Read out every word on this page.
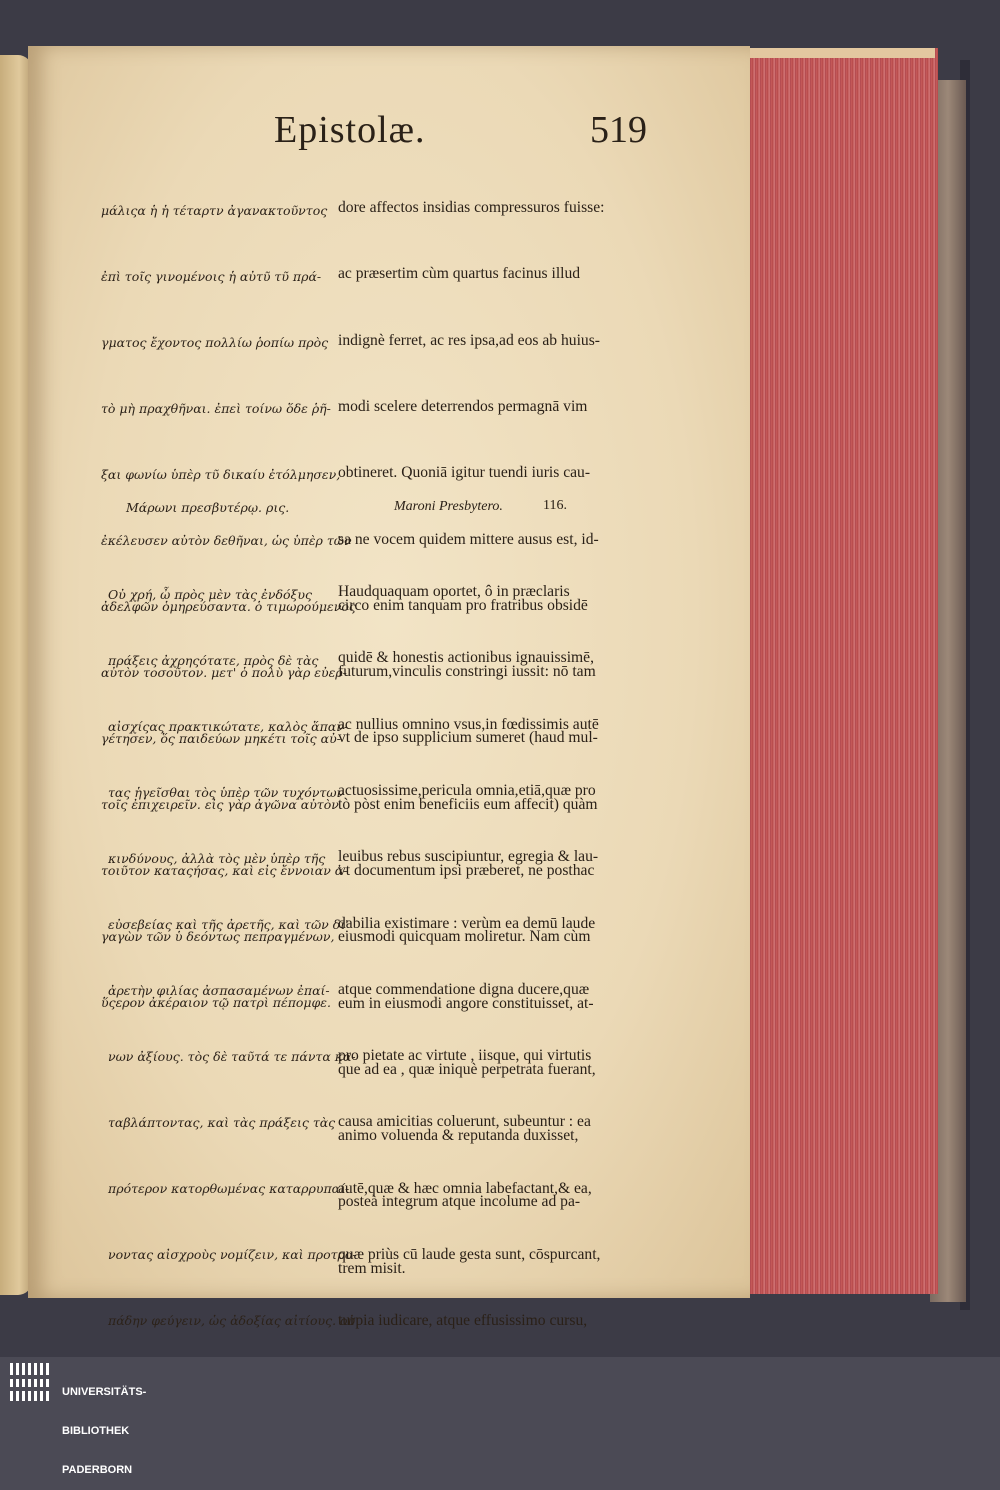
Epistolæ.	519

μάλιςα ἡ ἡ τέταρτν ἀγανακτοῦντος

ἐπὶ τοῖς γινομένοις ἡ αὐτῦ τῦ πρά-

γματος ἔχοντος πολλίω ῥοπίω πρὸς

τὸ μὴ πραχθῆναι. ἐπεὶ τοίνω ὅδε ῥῆ-

ξαι φωνίω ὑπὲρ τῦ δικαίυ ἐτόλμησεν,

ἐκέλευσεν αὐτὸν δεθῆναι, ὡς ὑπὲρ τῶν

ἀδελφῶν ὁμηρεύσαντα. ὁ τιμωρούμενος

αὐτὸν τοσοῦτον. μετ' ὁ πολὺ γὰρ εὐερ-

γέτησεν, ὅς παιδεύων μηκέτι τοῖς αὐ-

τοῖς ἐπιχειρεῖν. εἰς γὰρ ἀγῶνα αὐτὸν

τοιῦτον καταςήσας, καὶ εἰς ἔννοιαν ἀ-

γαγὼν τῶν ὑ δεόντως πεπραγμένων,

ὕςερον ἀκέραιον τῷ πατρὶ πέπομφε.

dore affectos insidias compressuros fuisse:

ac præsertim cùm quartus facinus illud

indignè ferret, ac res ipsa,ad eos ab huius-

modi scelere deterrendos permagnā vim

obtineret. Quoniā igitur tuendi iuris cau-

sa ne vocem quidem mittere ausus est, id-

circo enim tanquam pro fratribus obsidē

futurum,vinculis constringi iussit: nō tam

vt de ipso supplicium sumeret (haud mul-

tò pòst enim beneficiis eum affecit) quàm

vt documentum ipsi præberet, ne posthac

eiusmodi quicquam moliretur. Nam cùm

eum in eiusmodi angore constituisset, at-

que ad ea , quæ iniquè perpetrata fuerant,

animo voluenda & reputanda duxisset,

posteà integrum atque incolume ad pa-

trem misit.

Μάρωνι πρεσβυτέρῳ. ρις.	Maroni Presbytero.	116.

Οὐ χρή, ὦ πρὸς μὲν τὰς ἐνδόξυς

πράξεις ἀχρηςότατε, πρὸς δὲ τὰς

αἰσχίςας πρακτικώτατε, καλὸς ἅπαν-

τας ἡγεῖσθαι τὸς ὑπὲρ τῶν τυχόντων

κινδύνους, ἀλλὰ τὸς μὲν ὑπὲρ τῆς

εὐσεβείας καὶ τῆς ἀρετῆς, καὶ τῶν δι'

ἀρετὴν φιλίας ἀσπασαμένων ἐπαί-

νων ἀξίους. τὸς δὲ ταῦτά τε πάντα κα-

ταβλάπτοντας, καὶ τὰς πράξεις τὰς

πρότερον κατορθωμένας καταρρυπαί-

νοντας αἰσχροὺς νομίζειν, καὶ προτρο-

πάδην φεύγειν, ὡς ἀδοξίας αἰτίους. οὐ

Haudquaquam oportet, ô in præclaris

quidē & honestis actionibus ignauissimē,

ac nullius omnino vsus,in fœdissimis autē

actuosissime,pericula omnia,etiā,quæ pro

leuibus rebus suscipiuntur, egregia & lau-

dabilia existimare : verùm ea demū laude

atque commendatione digna ducere,quæ

pro pietate ac virtute , iisque, qui virtutis

causa amicitias coluerunt, subeuntur : ea

autē,quæ & hæc omnia labefactant,& ea,

quæ priùs cū laude gesta sunt, cōspurcant,

turpia iudicare, atque effusissimo cursu,

UNIVERSITÄTS-

BIBLIOTHEK

PADERBORN
